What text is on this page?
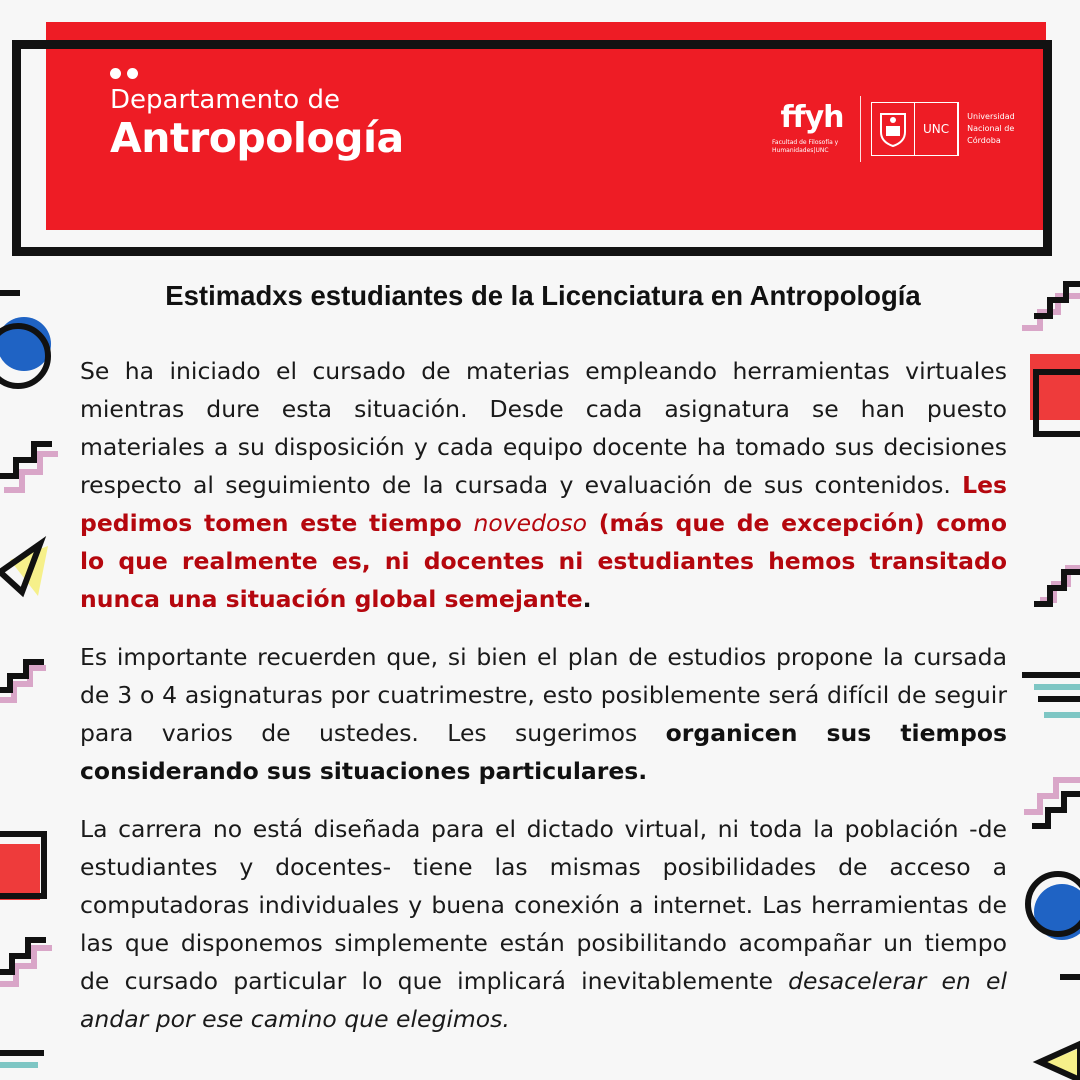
Departamento de
Antropología	ffyh
Facultad de Filosofía y Humanidades|UNC
UNC
Universidad Nacional de Córdoba
Estimadxs estudiantes de la Licenciatura en Antropología

Se ha iniciado el cursado de materias empleando herramientas virtuales mientras dure esta situación. Desde cada asignatura se han puesto materiales a su disposición y cada equipo docente ha tomado sus decisiones respecto al seguimiento de la cursada y evaluación de sus contenidos. Les pedimos tomen este tiempo novedoso (más que de excepción) como lo que realmente es, ni docentes ni estudiantes hemos transitado nunca una situación global semejante.

Es importante recuerden que, si bien el plan de estudios propone la cursada de 3 o 4 asignaturas por cuatrimestre, esto posiblemente será difícil de seguir para varios de ustedes. Les sugerimos organicen sus tiempos considerando sus situaciones particulares.

La carrera no está diseñada para el dictado virtual, ni toda la población -de estudiantes y docentes- tiene las mismas posibilidades de acceso a computadoras individuales y buena conexión a internet. Las herramientas de las que disponemos simplemente están posibilitando acompañar un tiempo de cursado particular lo que implicará inevitablemente desacelerar en el andar por ese camino que elegimos.
